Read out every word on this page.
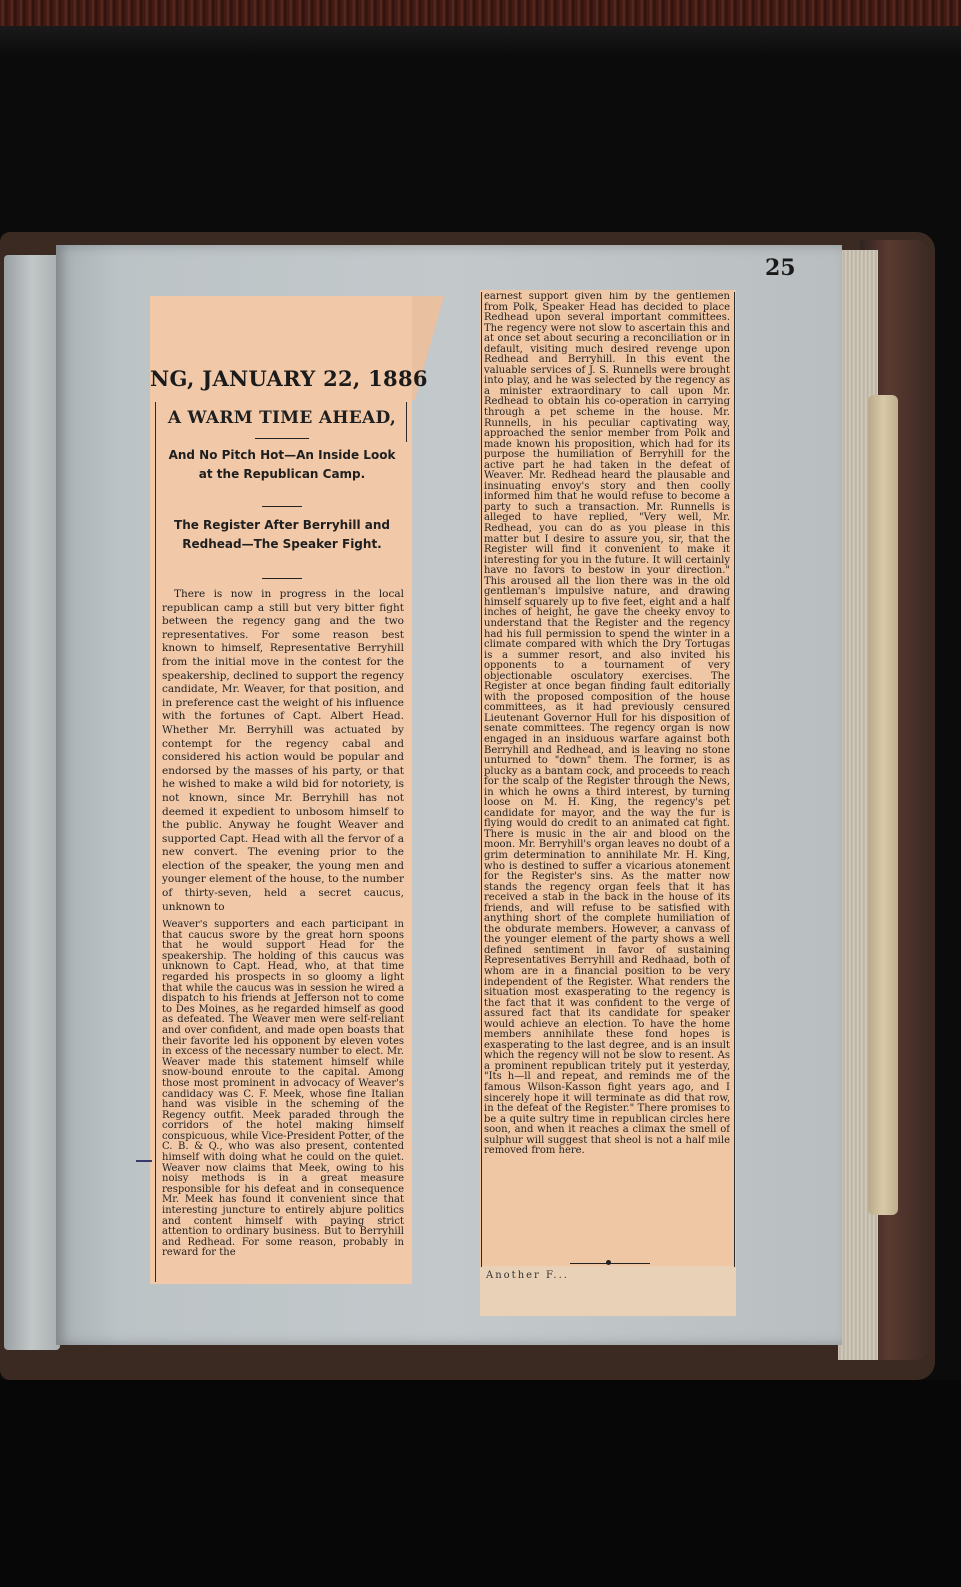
25
NG, JANUARY 22, 1886
A WARM TIME AHEAD,
And No Pitch Hot—An Inside Look at the Republican Camp.
The Register After Berryhill and Redhead—The Speaker Fight.
There is now in progress in the local republican camp a still but very bitter fight between the regency gang and the two representatives. For some reason best known to himself, Representative Berryhill from the initial move in the contest for the speakership, declined to support the regency candidate, Mr. Weaver, for that position, and in preference cast the weight of his influence with the fortunes of Capt. Albert Head. Whether Mr. Berryhill was actuated by contempt for the regency cabal and considered his action would be popular and endorsed by the masses of his party, or that he wished to make a wild bid for notoriety, is not known, since Mr. Berryhill has not deemed it expedient to unbosom himself to the public. Anyway he fought Weaver and supported Capt. Head with all the fervor of a new convert. The evening prior to the election of the speaker, the young men and younger element of the house, to the number of thirty-seven, held a secret caucus, unknown to
Weaver's supporters and each participant in that caucus swore by the great horn spoons that he would support Head for the speakership. The holding of this caucus was unknown to Capt. Head, who, at that time regarded his prospects in so gloomy a light that while the caucus was in session he wired a dispatch to his friends at Jefferson not to come to Des Moines, as he regarded himself as good as defeated. The Weaver men were self-reliant and over confident, and made open boasts that their favorite led his opponent by eleven votes in excess of the necessary number to elect. Mr. Weaver made this statement himself while snow-bound enroute to the capital. Among those most prominent in advocacy of Weaver's candidacy was C. F. Meek, whose fine Italian hand was visible in the scheming of the Regency outfit. Meek paraded through the corridors of the hotel making himself conspicuous, while Vice-President Potter, of the C. B. & Q., who was also present, contented himself with doing what he could on the quiet. Weaver now claims that Meek, owing to his noisy methods is in a great measure responsible for his defeat and in consequence Mr. Meek has found it convenient since that interesting juncture to entirely abjure politics and content himself with paying strict attention to ordinary business. But to Berryhill and Redhead. For some reason, probably in reward for the
earnest support given him by the gentlemen from Polk, Speaker Head has decided to place Redhead upon several important committees. The regency were not slow to ascertain this and at once set about securing a reconciliation or in default, visiting much desired revenge upon Redhead and Berryhill. In this event the valuable services of J. S. Runnells were brought into play, and he was selected by the regency as a minister extraordinary to call upon Mr. Redhead to obtain his co-operation in carrying through a pet scheme in the house. Mr. Runnells, in his peculiar captivating way, approached the senior member from Polk and made known his proposition, which had for its purpose the humiliation of Berryhill for the active part he had taken in the defeat of Weaver. Mr. Redhead heard the plausable and insinuating envoy's story and then coolly informed him that he would refuse to become a party to such a transaction. Mr. Runnells is alleged to have replied, "Very well, Mr. Redhead, you can do as you please in this matter but I desire to assure you, sir, that the Register will find it convenient to make it interesting for you in the future. It will certainly have no favors to bestow in your direction." This aroused all the lion there was in the old gentleman's impulsive nature, and drawing himself squarely up to five feet, eight and a half inches of height, he gave the cheeky envoy to understand that the Register and the regency had his full permission to spend the winter in a climate compared with which the Dry Tortugas is a summer resort, and also invited his opponents to a tournament of very objectionable osculatory exercises. The Register at once began finding fault editorially with the proposed composition of the house committees, as it had previously censured Lieutenant Governor Hull for his disposition of senate committees. The regency organ is now engaged in an insiduous warfare against both Berryhill and Redhead, and is leaving no stone unturned to "down" them. The former, is as plucky as a bantam cock, and proceeds to reach for the scalp of the Register through the News, in which he owns a third interest, by turning loose on M. H. King, the regency's pet candidate for mayor, and the way the fur is flying would do credit to an animated cat fight. There is music in the air and blood on the moon. Mr. Berryhill's organ leaves no doubt of a grim determination to annihilate Mr. H. King, who is destined to suffer a vicarious atonement for the Register's sins. As the matter now stands the regency organ feels that it has received a stab in the back in the house of its friends, and will refuse to be satisfied with anything short of the complete humiliation of the obdurate members. However, a canvass of the younger element of the party shows a well defined sentiment in favor of sustaining Representatives Berryhill and Redhaad, both of whom are in a financial position to be very independent of the Register. What renders the situation most exasperating to the regency is the fact that it was confident to the verge of assured fact that its candidate for speaker would achieve an election. To have the home members annihilate these fond hopes is exasperating to the last degree, and is an insult which the regency will not be slow to resent. As a prominent republican tritely put it yesterday, "Its h—ll and repeat, and reminds me of the famous Wilson-Kasson fight years ago, and I sincerely hope it will terminate as did that row, in the defeat of the Register." There promises to be a quite sultry time in republican circles here soon, and when it reaches a climax the smell of sulphur will suggest that sheol is not a half mile removed from here.
Another F...
